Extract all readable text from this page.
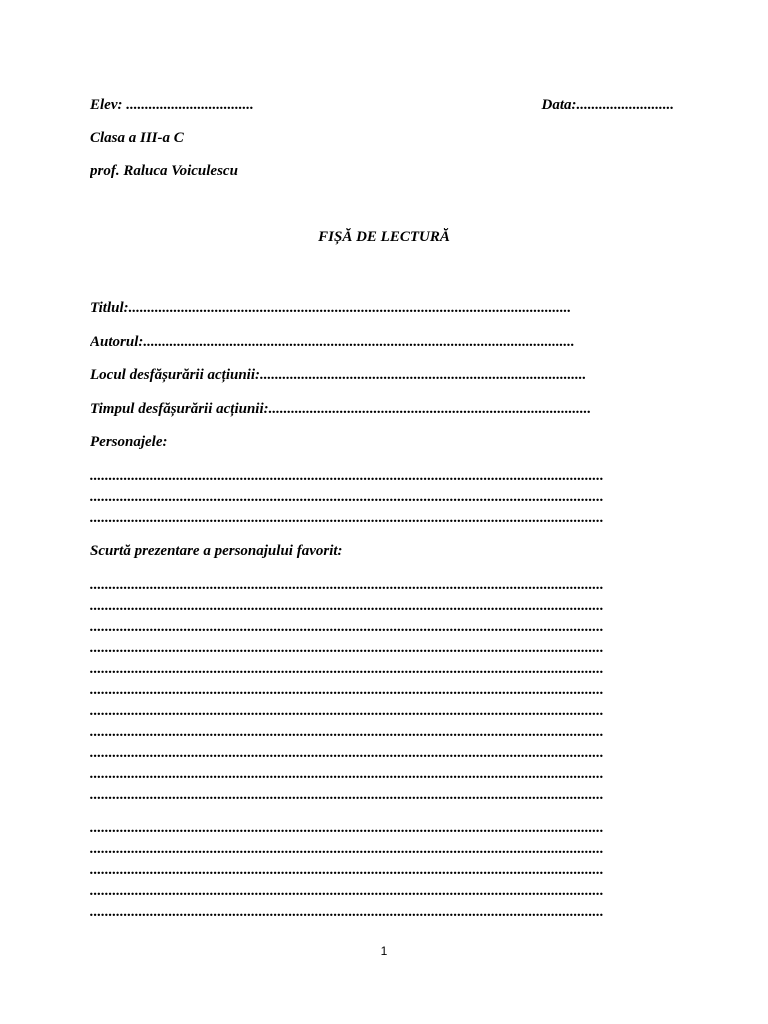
Elev: ..................................	Data:..........................
Clasa a III-a C
prof. Raluca Voiculescu
FIȘĂ DE LECTURĂ
Titlul:......................................................................................................................
Autorul:...................................................................................................................
Locul desfășurării acțiunii:.......................................................................................
Timpul desfășurării acțiunii:......................................................................................
Personajele:
.........................................................................................................................................
.........................................................................................................................................
.........................................................................................................................................
Scurtă prezentare a personajului favorit:
.........................................................................................................................................
.........................................................................................................................................
.........................................................................................................................................
.........................................................................................................................................
.........................................................................................................................................
.........................................................................................................................................
.........................................................................................................................................
.........................................................................................................................................
.........................................................................................................................................
.........................................................................................................................................
.........................................................................................................................................
.........................................................................................................................................
.........................................................................................................................................
.........................................................................................................................................
.........................................................................................................................................
.........................................................................................................................................
1
